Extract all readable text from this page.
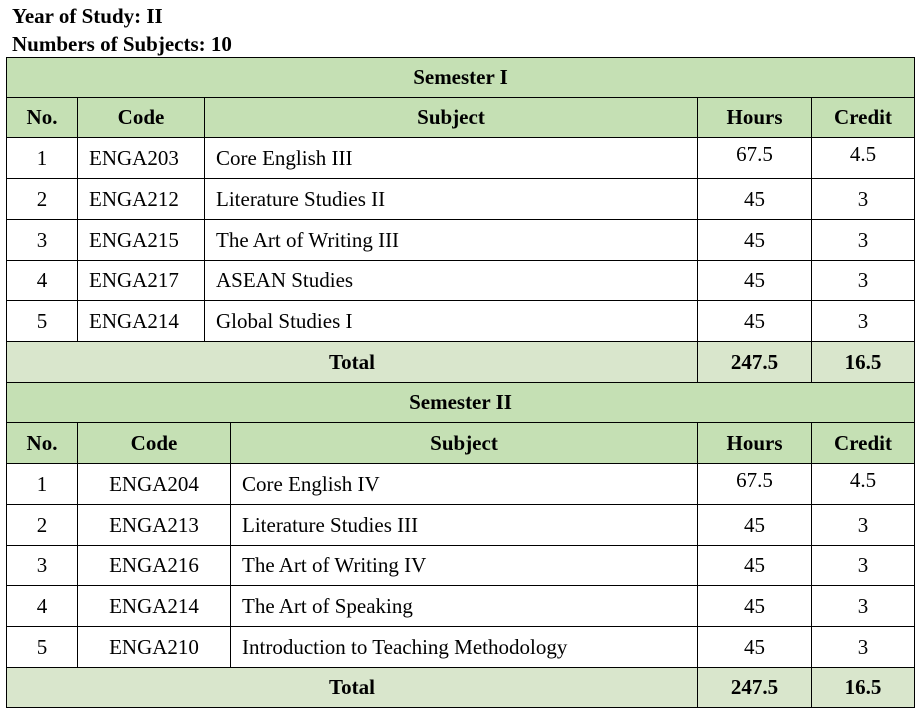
Year of Study: II
Numbers of Subjects: 10
Semester I				
No.	Code	Subject	Hours	Credit
1	ENGA203	Core English III	67.5	4.5
2	ENGA212	Literature Studies II	45	3
3	ENGA215	The Art of Writing III	45	3
4	ENGA217	ASEAN Studies	45	3
5	ENGA214	Global Studies I	45	3
Total			247.5	16.5
Semester II				
No.	Code	Subject	Hours	Credit
1	ENGA204	Core English IV	67.5	4.5
2	ENGA213	Literature Studies III	45	3
3	ENGA216	The Art of Writing IV	45	3
4	ENGA214	The Art of Speaking	45	3
5	ENGA210	Introduction to Teaching Methodology	45	3
Total			247.5	16.5
